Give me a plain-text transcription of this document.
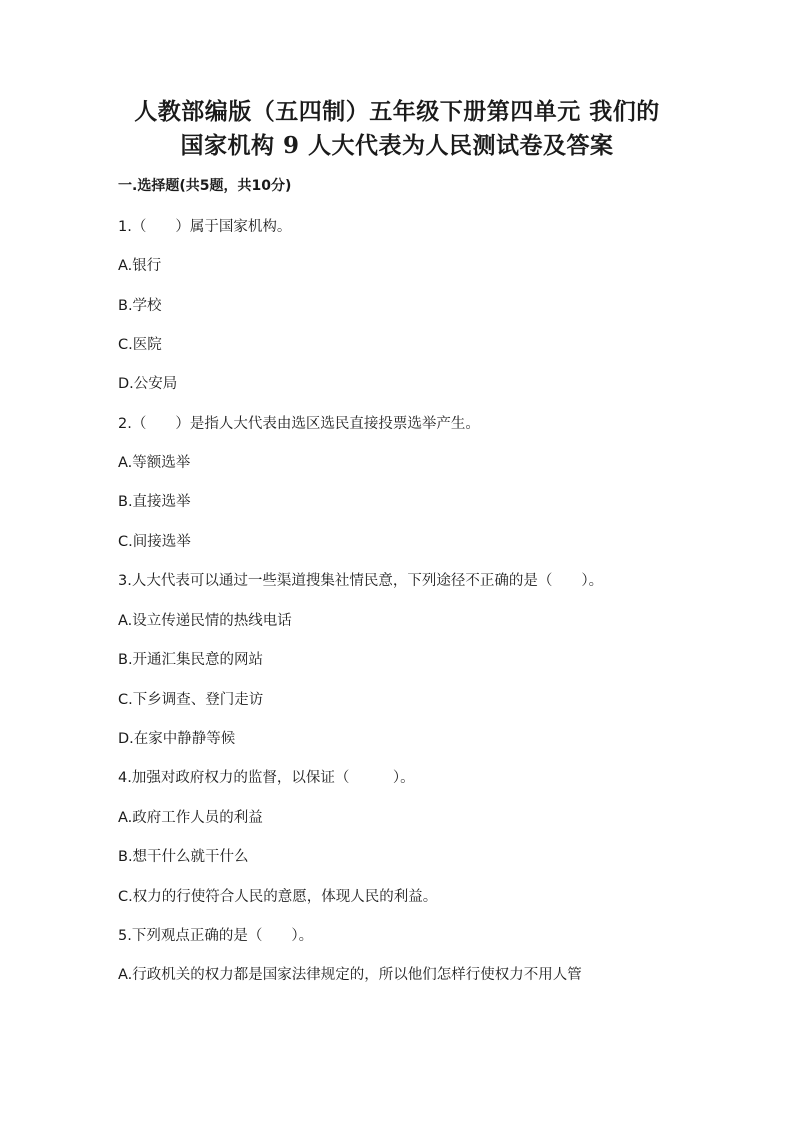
人教部编版（五四制）五年级下册第四单元 我们的
国家机构 9 人大代表为人民测试卷及答案
一.选择题(共5题，共10分)
1.（　　）属于国家机构。
A.银行
B.学校
C.医院
D.公安局
2.（　　）是指人大代表由选区选民直接投票选举产生。
A.等额选举
B.直接选举
C.间接选举
3.人大代表可以通过一些渠道搜集社情民意，下列途径不正确的是（　　）。
A.设立传递民情的热线电话
B.开通汇集民意的网站
C.下乡调查、登门走访
D.在家中静静等候
4.加强对政府权力的监督，以保证（　　　）。
A.政府工作人员的利益
B.想干什么就干什么
C.权力的行使符合人民的意愿，体现人民的利益。
5.下列观点正确的是（　　）。
A.行政机关的权力都是国家法律规定的，所以他们怎样行使权力不用人管
